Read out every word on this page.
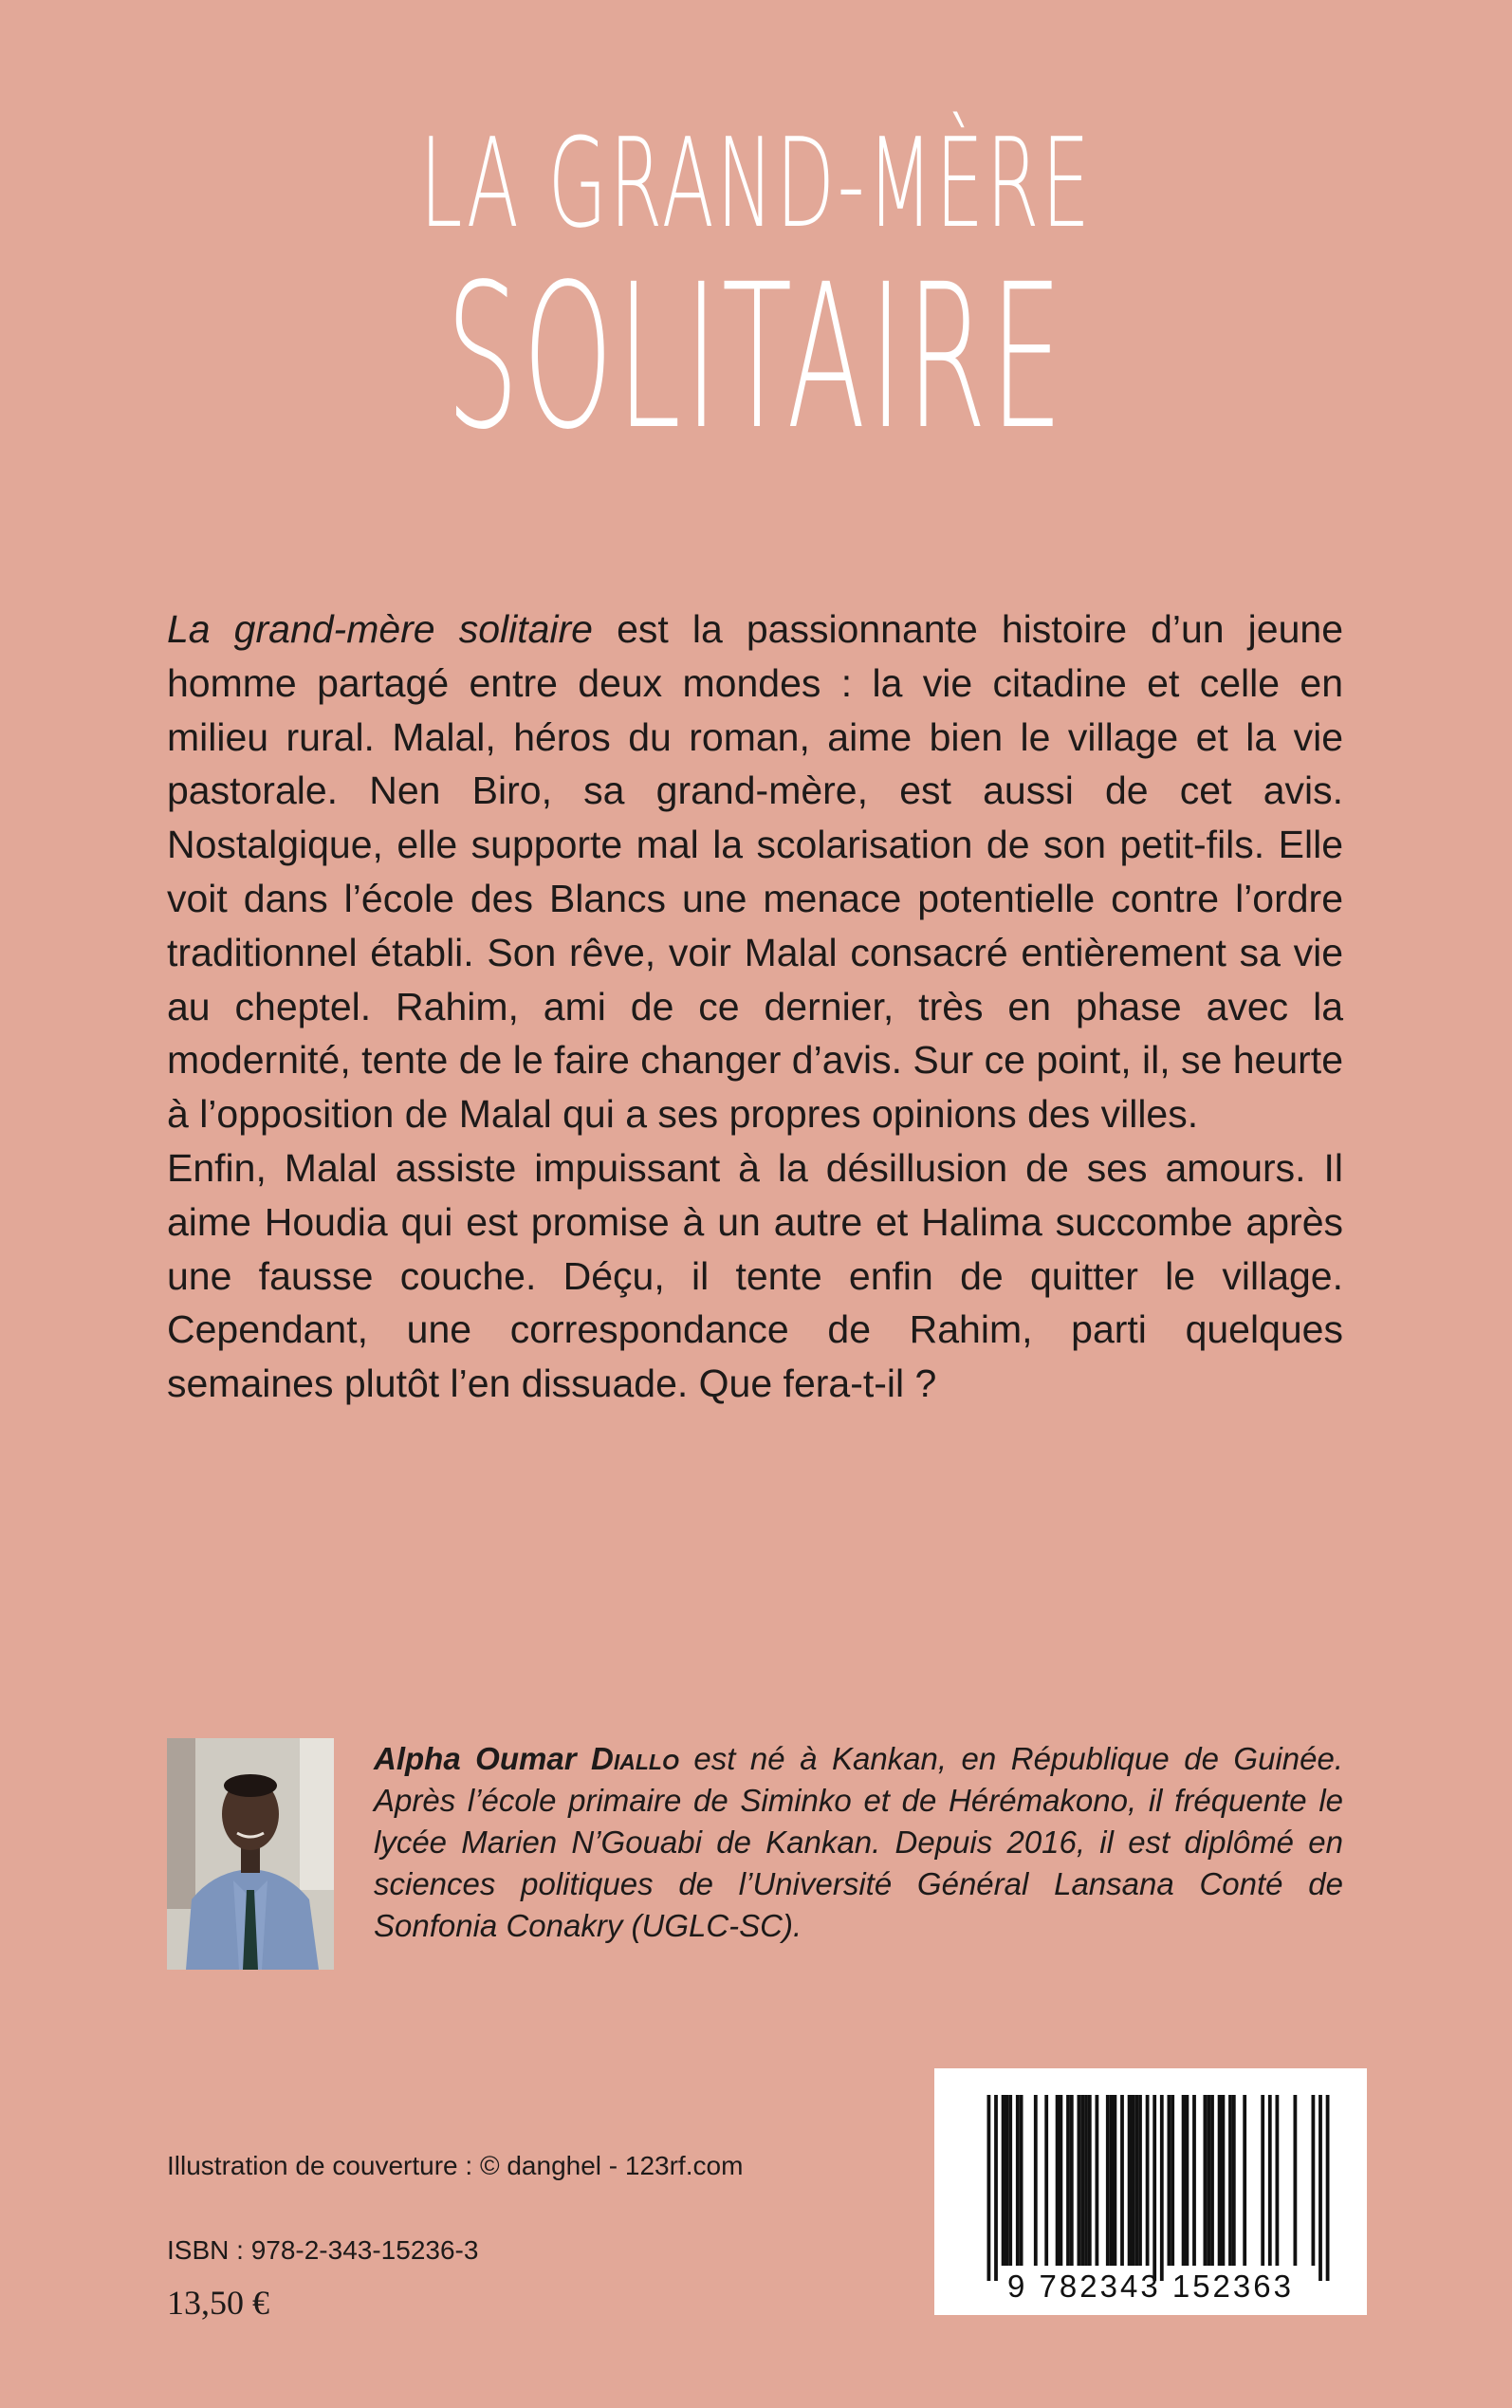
LA GRAND-MÈRE
SOLITAIRE

La grand-mère solitaire est la passionnante histoire d’un jeune homme partagé entre deux mondes : la vie citadine et celle en milieu rural. Malal, héros du roman, aime bien le village et la vie pastorale. Nen Biro, sa grand-mère, est aussi de cet avis. Nostalgique, elle supporte mal la scolarisation de son petit-fils. Elle voit dans l’école des Blancs une menace potentielle contre l’ordre traditionnel établi. Son rêve, voir Malal consacré entièrement sa vie au cheptel. Rahim, ami de ce dernier, très en phase avec la modernité, tente de le faire changer d’avis. Sur ce point, il, se heurte à l’opposition de Malal qui a ses propres opinions des villes.

Enfin, Malal assiste impuissant à la désillusion de ses amours. Il aime Houdia qui est promise à un autre et Halima succombe après une fausse couche. Déçu, il tente enfin de quitter le village. Cependant, une correspondance de Rahim, parti quelques semaines plutôt l’en dissuade. Que fera-t-il ?

Alpha Oumar Diallo est né à Kankan, en République de Guinée. Après l’école primaire de Siminko et de Hérémakono, il fréquente le lycée Marien N’Gouabi de Kankan. Depuis 2016, il est diplômé en sciences politiques de l’Université Général Lansana Conté de Sonfonia Conakry (UGLC-SC).
Illustration de couverture : © danghel - 123rf.com
ISBN : 978-2-343-15236-3
13,50 €	9 782343 152363
